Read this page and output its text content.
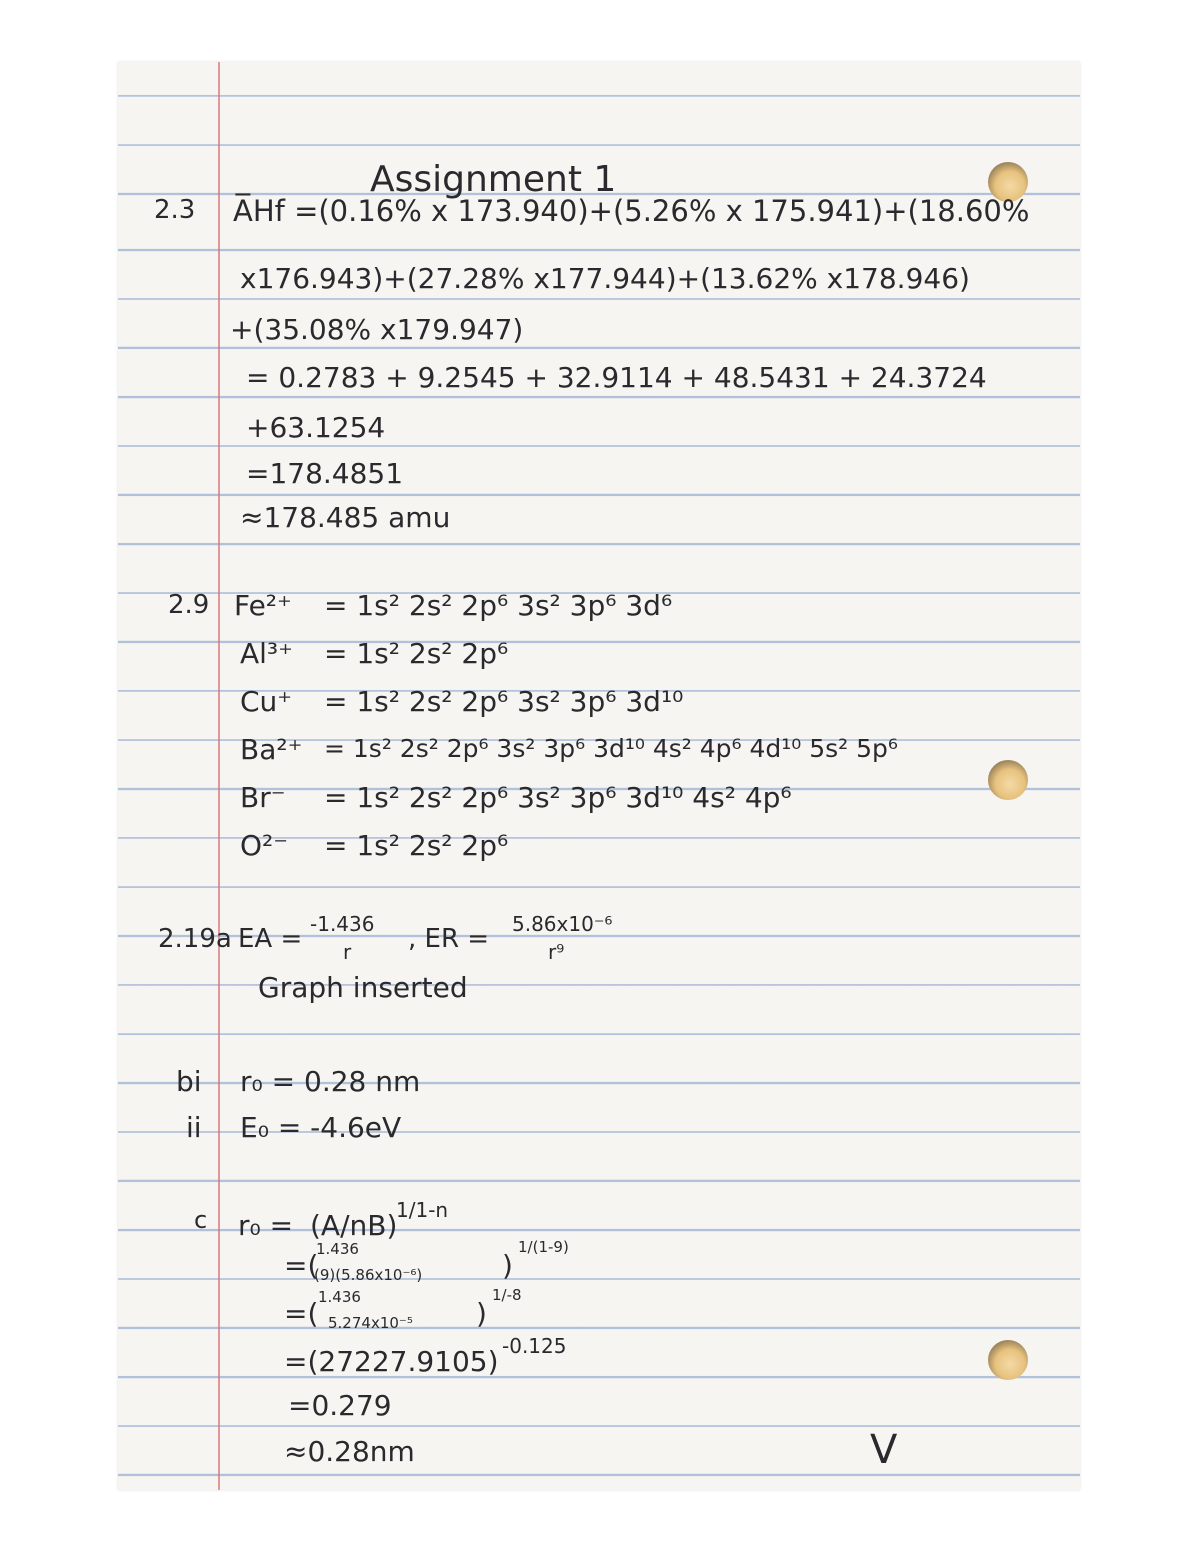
Assignment 1
2.3 A̅Hf =(0.16% x 173.940)+(5.26% x 175.941)+(18.60%
x176.943)+(27.28% x177.944)+(13.62% x178.946)
+(35.08% x179.947)
= 0.2783 + 9.2545 + 32.9114 + 48.5431 + 24.3724
+63.1254
=178.4851
≈178.485 amu
2.9 Fe²⁺ = 1s² 2s² 2p⁶ 3s² 3p⁶ 3d⁶
Al³⁺ = 1s² 2s² 2p⁶
Cu⁺ = 1s² 2s² 2p⁶ 3s² 3p⁶ 3d¹⁰
Ba²⁺ = 1s² 2s² 2p⁶ 3s² 3p⁶ 3d¹⁰ 4s² 4p⁶ 4d¹⁰ 5s² 5p⁶
Br⁻ = 1s² 2s² 2p⁶ 3s² 3p⁶ 3d¹⁰ 4s² 4p⁶
O²⁻ = 1s² 2s² 2p⁶
2.19a EA = -1.436
r , ER = 5.86x10⁻⁶
r⁹
Graph inserted
bi r₀ = 0.28 nm
ii E₀ = -4.6eV
c r₀ = (A/nB)
1/1-n
=(
1.436
(9)(5.86x10⁻⁶)	)
1/(1-9)
=( 1.436
5.274x10⁻⁵ )
1/-8
=(27227.9105) -0.125
=0.279
≈0.28nm	V
